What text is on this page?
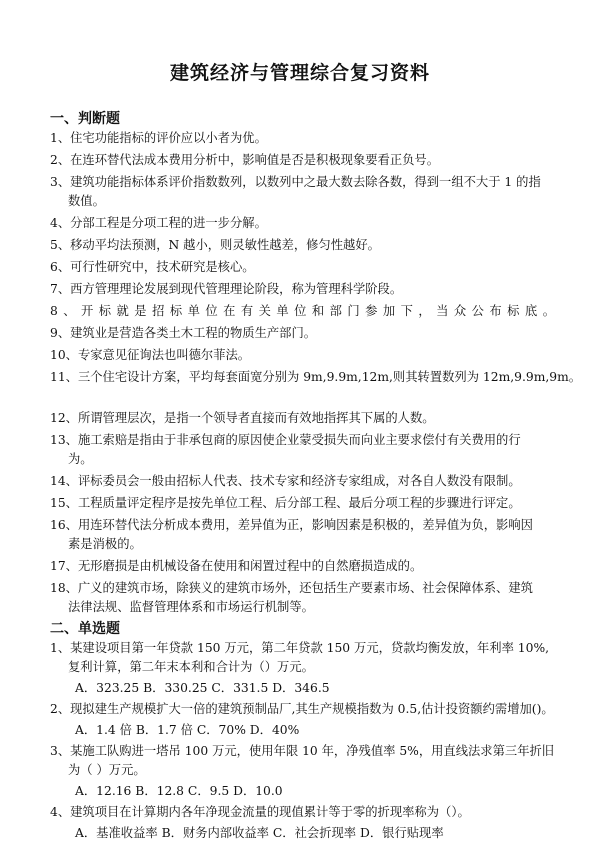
建筑经济与管理综合复习资料
一、判断题
1、住宅功能指标的评价应以小者为优。
2、在连环替代法成本费用分析中，影响值是否是积极现象要看正负号。
3、建筑功能指标体系评价指数数列，以数列中之最大数去除各数，得到一组不大于 1 的指
数值。
4、分部工程是分项工程的进一步分解。
5、移动平均法预测，N 越小，则灵敏性越差，修匀性越好。
6、可行性研究中，技术研究是核心。
7、西方管理理论发展到现代管理理论阶段，称为管理科学阶段。
8、开标就是招标单位在有关单位和部门参加下，当众公布标底。
9、建筑业是营造各类土木工程的物质生产部门。
10、专家意见征询法也叫德尔菲法。
11、三个住宅设计方案，平均每套面宽分别为 9m,9.9m,12m,则其转置数列为 12m,9.9m,9m。
12、所谓管理层次，是指一个领导者直接而有效地指挥其下属的人数。
13、施工索赔是指由于非承包商的原因使企业蒙受损失而向业主要求偿付有关费用的行
为。
14、评标委员会一般由招标人代表、技术专家和经济专家组成，对各自人数没有限制。
15、工程质量评定程序是按先单位工程、后分部工程、最后分项工程的步骤进行评定。
16、用连环替代法分析成本费用，差异值为正，影响因素是积极的，差异值为负，影响因
素是消极的。
17、无形磨损是由机械设备在使用和闲置过程中的自然磨损造成的。
18、广义的建筑市场，除狭义的建筑市场外，还包括生产要素市场、社会保障体系、建筑
法律法规、监督管理体系和市场运行机制等。
二、单选题
1、某建设项目第一年贷款 150 万元，第二年贷款 150 万元，贷款均衡发放，年利率 10%,
复利计算，第二年末本利和合计为（）万元。
A．323.25 B．330.25 C．331.5 D．346.5
2、现拟建生产规模扩大一倍的建筑预制品厂,其生产规模指数为 0.5,估计投资额约需增加()。
A．1.4 倍 B．1.7 倍 C．70% D．40%
3、某施工队购进一塔吊 100 万元，使用年限 10 年，净残值率 5%，用直线法求第三年折旧
为（ ）万元。
A．12.16 B．12.8 C．9.5 D．10.0
4、建筑项目在计算期内各年净现金流量的现值累计等于零的折现率称为（）。
A．基准收益率 B．财务内部收益率 C．社会折现率 D．银行贴现率
